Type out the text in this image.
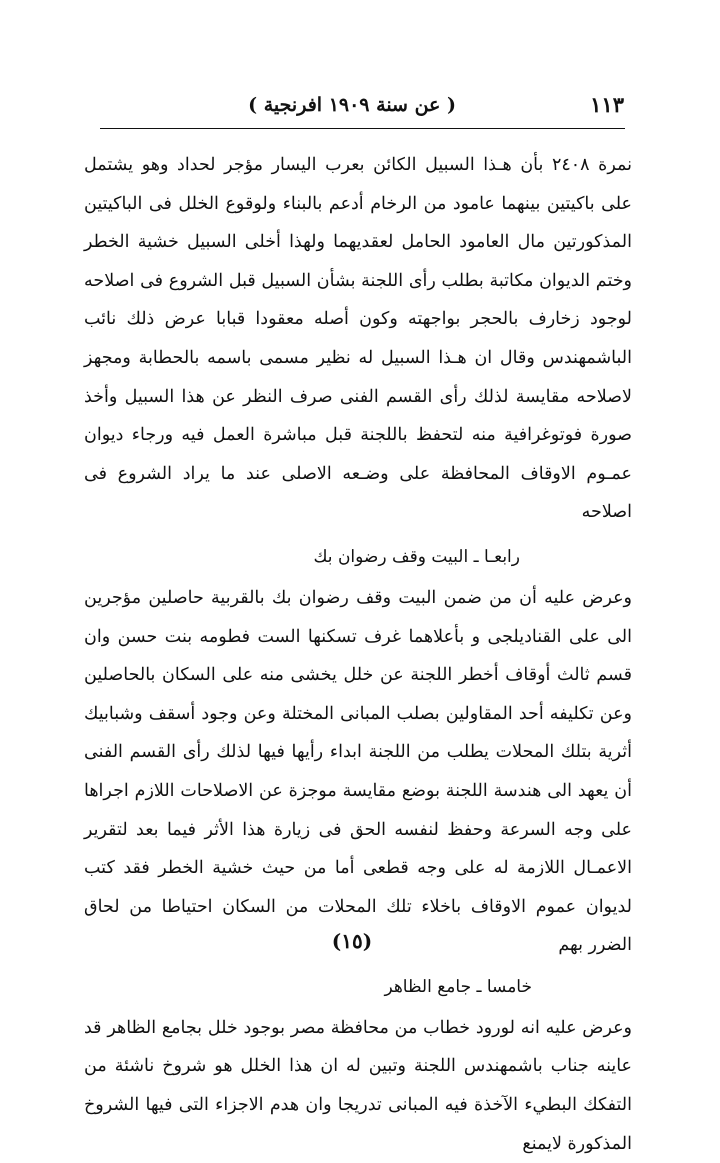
١١٣
( عن سنة ١٩٠٩ افرنجية )

نمرة ٢٤٠٨ بأن هـذا السبيل الكائن بعرب اليسار مؤجر لحداد وهو يشتمل على باكيتين بينهما عامود من الرخام أدعم بالبناء ولوقوع الخلل فى الباكيتين المذكورتين مال العامود الحامل لعقديهما ولهذا أخلى السبيل خشية الخطر وختم الديوان مكاتبة بطلب رأى اللجنة بشأن السبيل قبل الشروع فى اصلاحه لوجود زخارف بالحجر بواجهته وكون أصله معقودا قبابا عرض ذلك نائب الباشمهندس وقال ان هـذا السبيل له نظير مسمى باسمه بالحطابة ومجهز لاصلاحه مقايسة لذلك رأى القسم الفنى صرف النظر عن هذا السبيل وأخذ صورة فوتوغرافية منه لتحفظ باللجنة قبل مباشرة العمل فيه ورجاء ديوان عمـوم الاوقاف المحافظة على وضـعه الاصلى عند ما يراد الشروع فى اصلاحه

رابعـا ـ البيت وقف رضوان بك

وعرض عليه أن من ضمن البيت وقف رضوان بك بالقربية حاصلين مؤجرين الى على القناديلجى و بأعلاهما غرف تسكنها الست فطومه بنت حسن وان قسم ثالث أوقاف أخطر اللجنة عن خلل يخشى منه على السكان بالحاصلين وعن تكليفه أحد المقاولين بصلب المبانى المختلة وعن وجود أسقف وشبابيك أثرية بتلك المحلات يطلب من اللجنة ابداء رأيها فيها لذلك رأى القسم الفنى أن يعهد الى هندسة اللجنة بوضع مقايسة موجزة عن الاصلاحات اللازم اجراها على وجه السرعة وحفظ لنفسه الحق فى زيارة هذا الأثر فيما بعد لتقرير الاعمـال اللازمة له على وجه قطعى أما من حيث خشية الخطر فقد كتب لديوان عموم الاوقاف باخلاء تلك المحلات من السكان احتياطا من لحاق الضرر بهم

خامسا ـ جامع الظاهر

وعرض عليه انه لورود خطاب من محافظة مصر بوجود خلل بجامع الظاهر قد عاينه جناب باشمهندس اللجنة وتبين له ان هذا الخلل هو شروخ ناشئة من التفكك البطيء الآخذة فيه المبانى تدريجا وان هدم الاجزاء التى فيها الشروخ المذكورة لايمنع

(١٥)
